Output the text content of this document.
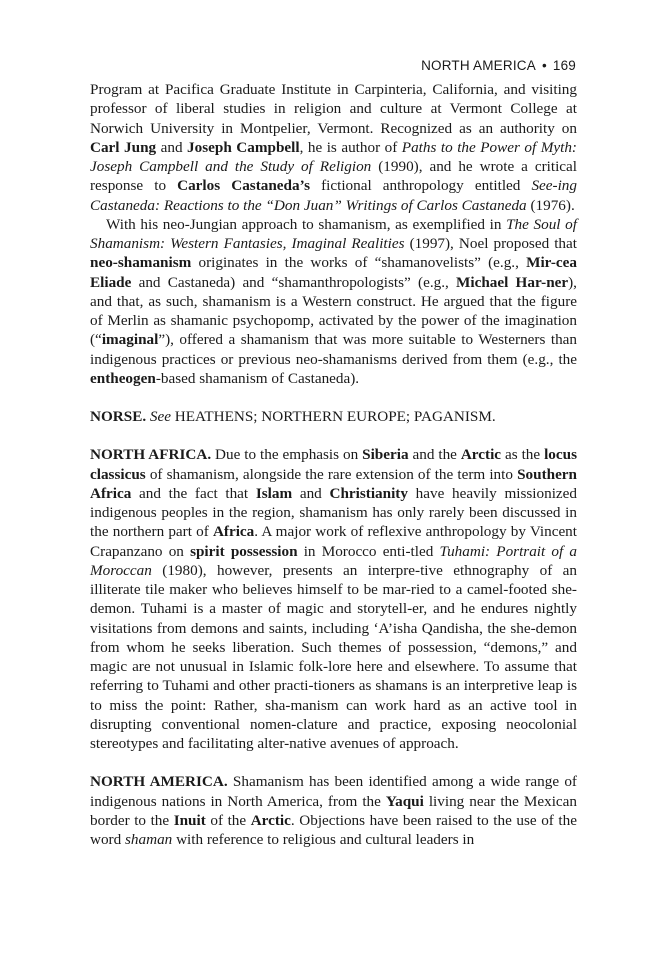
NORTH AMERICA • 169

Program at Pacifica Graduate Institute in Carpinteria, California, and visiting professor of liberal studies in religion and culture at Vermont College at Norwich University in Montpelier, Vermont. Recognized as an authority on Carl Jung and Joseph Campbell, he is author of Paths to the Power of Myth: Joseph Campbell and the Study of Religion (1990), and he wrote a critical response to Carlos Castaneda’s fictional anthropology entitled See-ing Castaneda: Reactions to the “Don Juan” Writings of Carlos Castaneda (1976).

With his neo-Jungian approach to shamanism, as exemplified in The Soul of Shamanism: Western Fantasies, Imaginal Realities (1997), Noel proposed that neo-shamanism originates in the works of “shamanovelists” (e.g., Mir-cea Eliade and Castaneda) and “shamanthropologists” (e.g., Michael Har-ner), and that, as such, shamanism is a Western construct. He argued that the figure of Merlin as shamanic psychopomp, activated by the power of the imagination (“imaginal”), offered a shamanism that was more suitable to Westerners than indigenous practices or previous neo-shamanisms derived from them (e.g., the entheogen-based shamanism of Castaneda).

NORSE. See HEATHENS; NORTHERN EUROPE; PAGANISM.

NORTH AFRICA. Due to the emphasis on Siberia and the Arctic as the locus classicus of shamanism, alongside the rare extension of the term into Southern Africa and the fact that Islam and Christianity have heavily missionized indigenous peoples in the region, shamanism has only rarely been discussed in the northern part of Africa. A major work of reflexive anthropology by Vincent Crapanzano on spirit possession in Morocco enti-tled Tuhami: Portrait of a Moroccan (1980), however, presents an interpre-tive ethnography of an illiterate tile maker who believes himself to be mar-ried to a camel-footed she-demon. Tuhami is a master of magic and storytell-er, and he endures nightly visitations from demons and saints, including ‘A’isha Qandisha, the she-demon from whom he seeks liberation. Such themes of possession, “demons,” and magic are not unusual in Islamic folk-lore here and elsewhere. To assume that referring to Tuhami and other practi-tioners as shamans is an interpretive leap is to miss the point: Rather, sha-manism can work hard as an active tool in disrupting conventional nomen-clature and practice, exposing neocolonial stereotypes and facilitating alter-native avenues of approach.

NORTH AMERICA. Shamanism has been identified among a wide range of indigenous nations in North America, from the Yaqui living near the Mexican border to the Inuit of the Arctic. Objections have been raised to the use of the word shaman with reference to religious and cultural leaders in
